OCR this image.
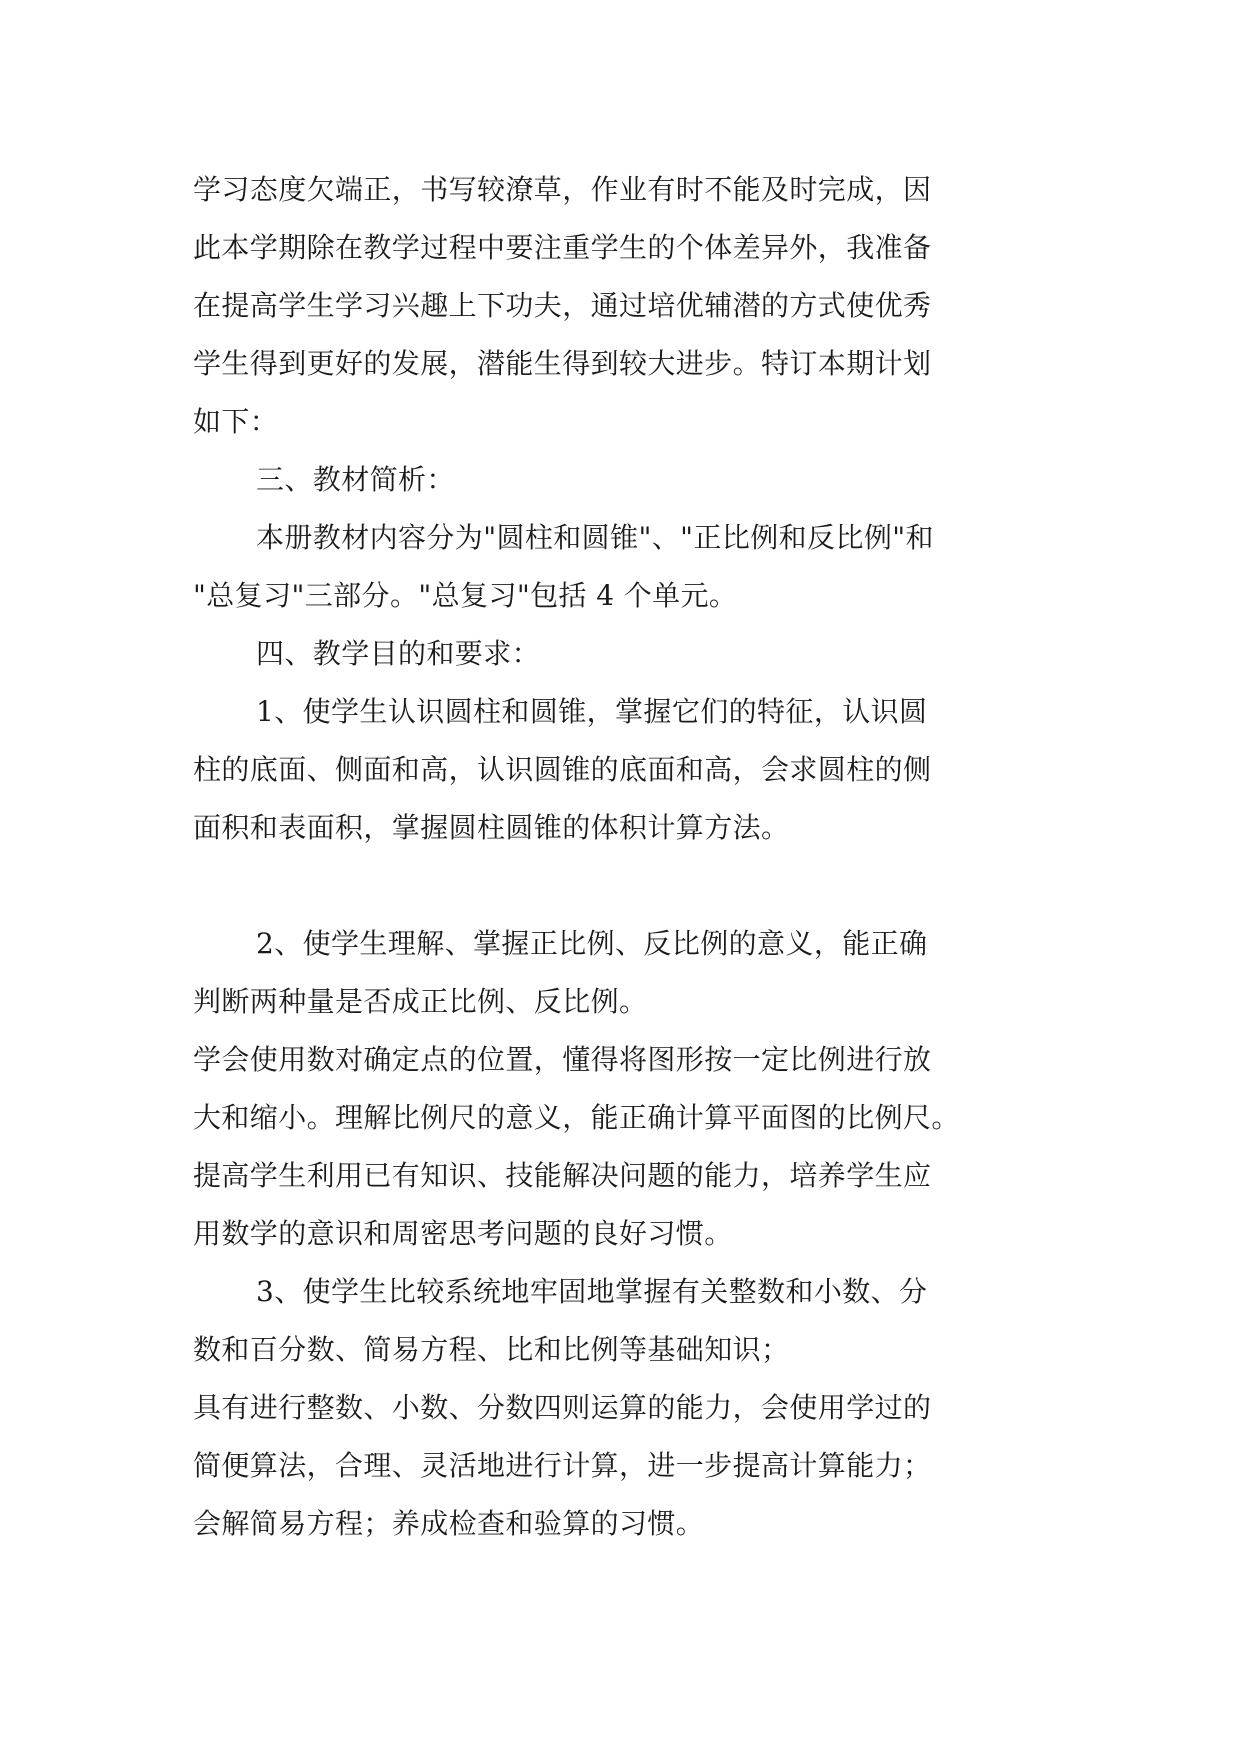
学习态度欠端正，书写较潦草，作业有时不能及时完成，因
此本学期除在教学过程中要注重学生的个体差异外，我准备
在提高学生学习兴趣上下功夫，通过培优辅潜的方式使优秀
学生得到更好的发展，潜能生得到较大进步。特订本期计划
如下：
三、教材简析：
本册教材内容分为"圆柱和圆锥"、"正比例和反比例"和
"总复习"三部分。"总复习"包括 4 个单元。
四、教学目的和要求：
1、使学生认识圆柱和圆锥，掌握它们的特征，认识圆
柱的底面、侧面和高，认识圆锥的底面和高，会求圆柱的侧
面积和表面积，掌握圆柱圆锥的体积计算方法。
2、使学生理解、掌握正比例、反比例的意义，能正确
判断两种量是否成正比例、反比例。
学会使用数对确定点的位置，懂得将图形按一定比例进行放
大和缩小。理解比例尺的意义，能正确计算平面图的比例尺。
提高学生利用已有知识、技能解决问题的能力，培养学生应
用数学的意识和周密思考问题的良好习惯。
3、使学生比较系统地牢固地掌握有关整数和小数、分
数和百分数、简易方程、比和比例等基础知识；
具有进行整数、小数、分数四则运算的能力，会使用学过的
简便算法，合理、灵活地进行计算，进一步提高计算能力；
会解简易方程；养成检查和验算的习惯。
